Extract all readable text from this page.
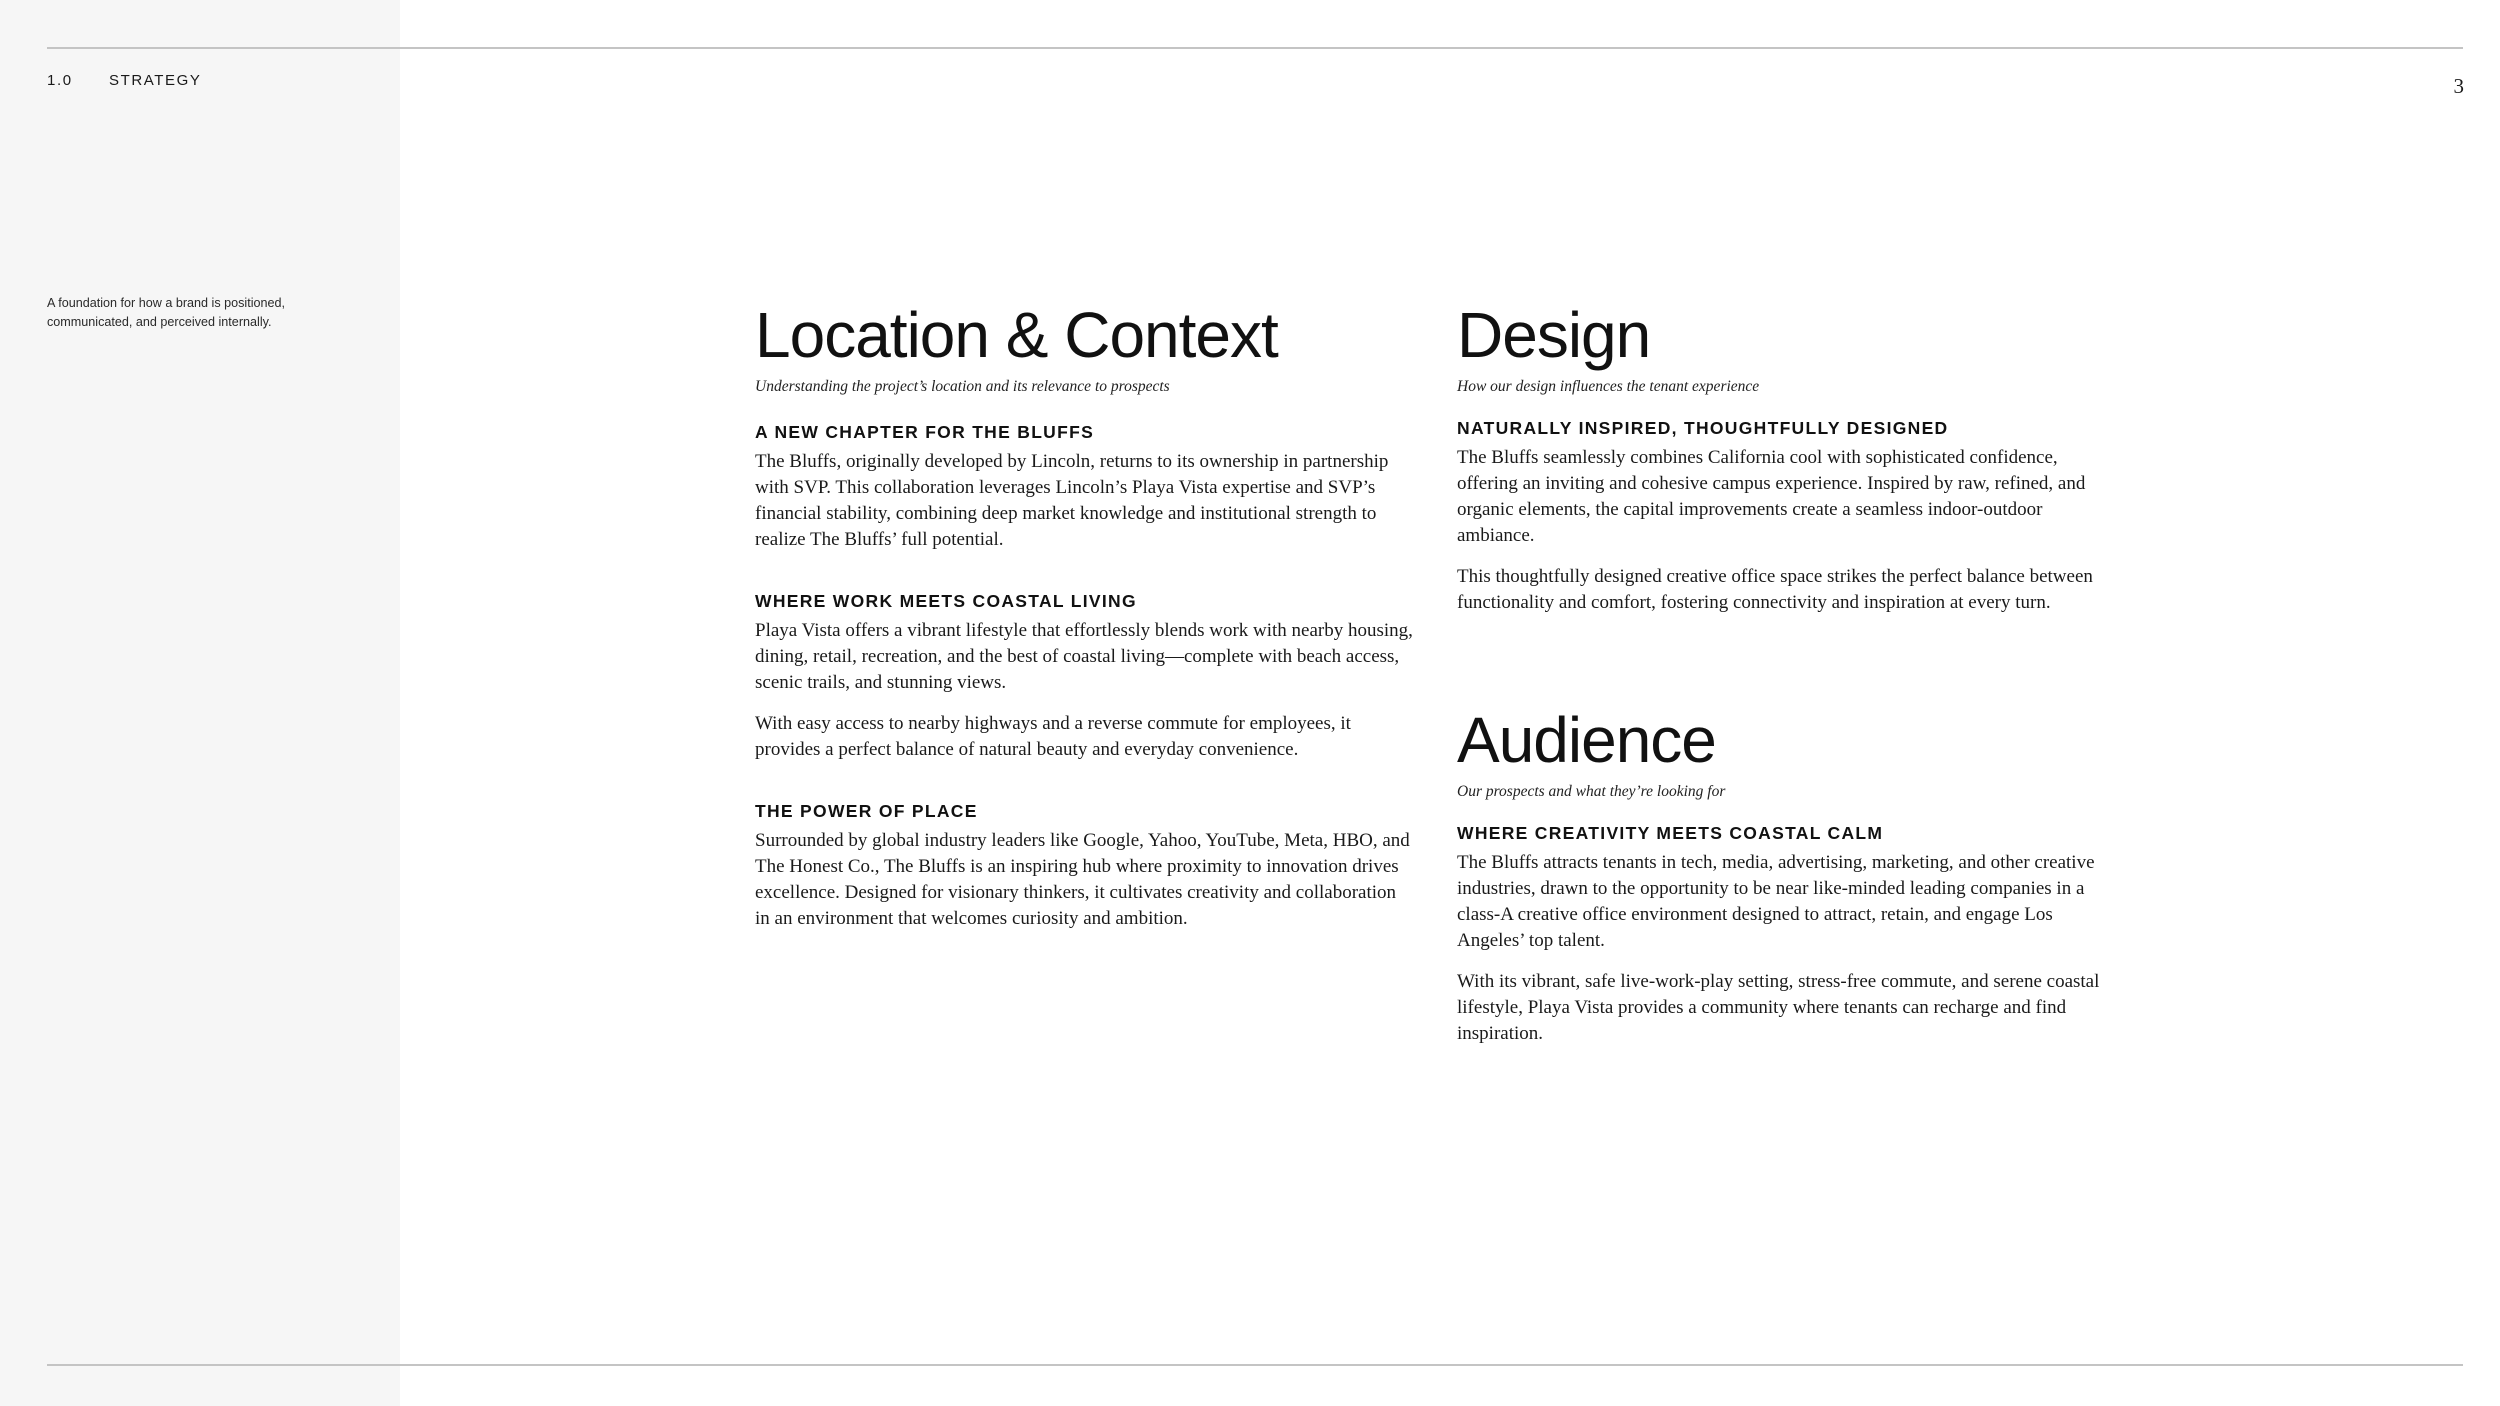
1.0 STRATEGY	3
A foundation for how a brand is positioned, communicated, and perceived internally.	Location & Context

Understanding the project’s location and its relevance to prospects

A NEW CHAPTER FOR THE BLUFFS

The Bluffs, originally developed by Lincoln, returns to its ownership in partnership with SVP. This collaboration leverages Lincoln’s Playa Vista expertise and SVP’s financial stability, combining deep market knowledge and institutional strength to realize The Bluffs’ full potential.

WHERE WORK MEETS COASTAL LIVING

Playa Vista offers a vibrant lifestyle that effortlessly blends work with nearby housing, dining, retail, recreation, and the best of coastal living—complete with beach access, scenic trails, and stunning views.

With easy access to nearby highways and a reverse commute for employees, it provides a perfect balance of natural beauty and everyday convenience.

THE POWER OF PLACE

Surrounded by global industry leaders like Google, Yahoo, YouTube, Meta, HBO, and The Honest Co., The Bluffs is an inspiring hub where proximity to innovation drives excellence. Designed for visionary thinkers, it cultivates creativity and collaboration in an environment that welcomes curiosity and ambition.

Design

How our design influences the tenant experience

NATURALLY INSPIRED, THOUGHTFULLY DESIGNED

The Bluffs seamlessly combines California cool with sophisticated confidence, offering an inviting and cohesive campus experience. Inspired by raw, refined, and organic elements, the capital improvements create a seamless indoor-outdoor ambiance.

This thoughtfully designed creative office space strikes the perfect balance between functionality and comfort, fostering connectivity and inspiration at every turn.

Audience

Our prospects and what they’re looking for

WHERE CREATIVITY MEETS COASTAL CALM

The Bluffs attracts tenants in tech, media, advertising, marketing, and other creative industries, drawn to the opportunity to be near like-minded leading companies in a class-A creative office environment designed to attract, retain, and engage Los Angeles’ top talent.

With its vibrant, safe live-work-play setting, stress-free commute, and serene coastal lifestyle, Playa Vista provides a community where tenants can recharge and find inspiration.
